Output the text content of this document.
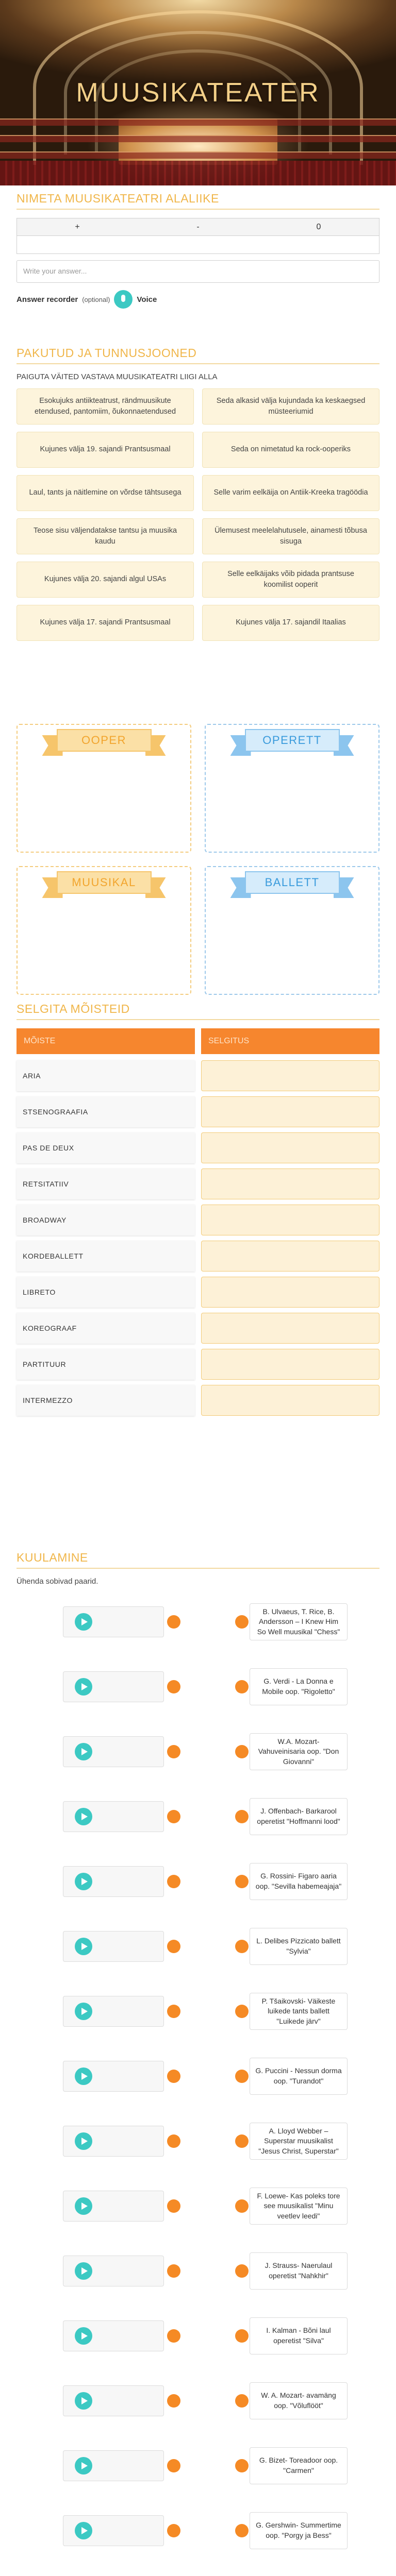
MUUSIKATEATER
NIMETA MUUSIKATEATRI ALALIIKE
+	-	0
Write your answer...
Answer recorder (optional)	Voice
PAKUTUD JA TUNNUSJOONED
PAIGUTA VÄITED VASTAVA MUUSIKATEATRI LIIGI ALLA
Esokujuks antiikteatrust, rändmuusikute etendused, pantomiim, õukonnaetendused
Seda alkasid välja kujundada ka keskaegsed müsteeriumid
Kujunes välja 19. sajandi Prantsusmaal	Seda on nimetatud ka rock-ooperiks
Laul, tants ja näitlemine on võrdse tähtsusega	Selle varim eelkäija on Antiik-Kreeka tragöödia
Teose sisu väljendatakse tantsu ja muusika kaudu
Ülemusest meelelahutusele, ainamesti tõbusa sisuga
Kujunes välja 20. sajandi algul USAs
Selle eelkäijaks võib pidada prantsuse koomilist ooperit
Kujunes välja 17. sajandi Prantsusmaal	Kujunes välja 17. sajandil Itaalias
OOPER	OPERETT
MUUSIKAL	BALLETT
SELGITA MÕISTEID
MÕISTE	SELGITUS
ARIA
STSENOGRAAFIA
PAS DE DEUX
RETSITATIIV
BROADWAY
KORDEBALLETT
LIBRETO
KOREOGRAAF
PARTITUUR
INTERMEZZO
KUULAMINE
Ühenda sobivad paarid.
B. Ulvaeus, T. Rice, B. Andersson – I Knew Him So Well muusikal "Chess"
G. Verdi - La Donna e Mobile oop. "Rigoletto"
W.A. Mozart- Vahuveinisaria oop. "Don Giovanni"
J. Offenbach- Barkarool operetist "Hoffmanni lood"
G. Rossini- Figaro aaria oop. "Sevilla habemeajaja"
L. Delibes Pizzicato ballett "Sylvia"
P. Tšaikovski- Väikeste luikede tants ballett "Luikede järv"
G. Puccini - Nessun dorma oop. "Turandot"
A. Lloyd Webber – Superstar muusikalist "Jesus Christ, Superstar"
F. Loewe- Kas poleks tore see muusikalist "Minu veetlev leedi"
J. Strauss- Naerulaul operetist "Nahkhir"
I. Kalman - Bõni laul operetist "Silva"
W. A. Mozart- avamäng oop. "Võluflööt"
G. Bizet- Toreadoor oop. "Carmen"
G. Gershwin- Summertime oop. "Porgy ja Bess"
